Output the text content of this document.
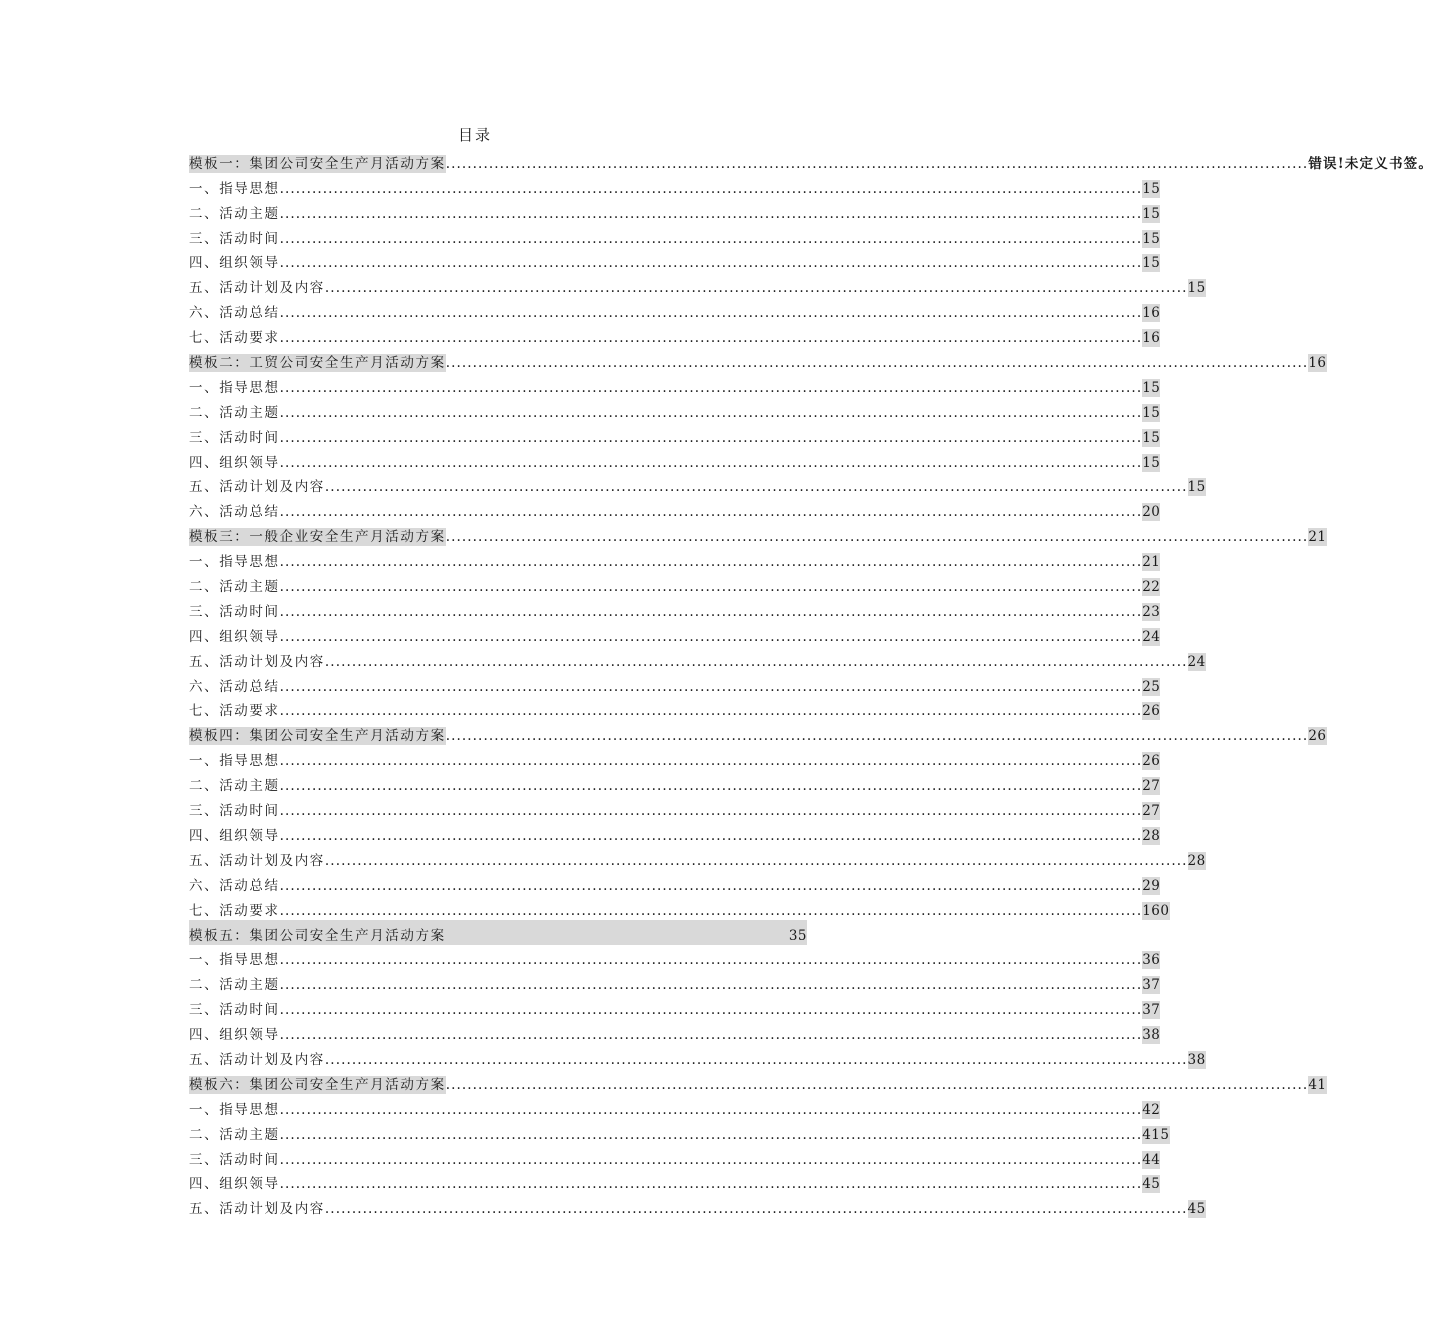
目录
模板一：集团公司安全生产月活动方案 ................................................................................................................................................................ 错误!未定义书签。
一、指导思想 ................................................................................................................................................................ 15
二、活动主题 ................................................................................................................................................................ 15
三、活动时间 ................................................................................................................................................................ 15
四、组织领导 ................................................................................................................................................................ 15
五、活动计划及内容 ................................................................................................................................................................ 15
六、活动总结 ................................................................................................................................................................ 16
七、活动要求 ................................................................................................................................................................ 16
模板二：工贸公司安全生产月活动方案 ................................................................................................................................................................ 16
一、指导思想 ................................................................................................................................................................ 15
二、活动主题 ................................................................................................................................................................ 15
三、活动时间 ................................................................................................................................................................ 15
四、组织领导 ................................................................................................................................................................ 15
五、活动计划及内容 ................................................................................................................................................................ 15
六、活动总结 ................................................................................................................................................................ 20
模板三：一般企业安全生产月活动方案 ................................................................................................................................................................ 21
一、指导思想 ................................................................................................................................................................ 21
二、活动主题 ................................................................................................................................................................ 22
三、活动时间 ................................................................................................................................................................ 23
四、组织领导 ................................................................................................................................................................ 24
五、活动计划及内容 ................................................................................................................................................................ 24
六、活动总结 ................................................................................................................................................................ 25
七、活动要求 ................................................................................................................................................................ 26
模板四：集团公司安全生产月活动方案 ................................................................................................................................................................ 26
一、指导思想 ................................................................................................................................................................ 26
二、活动主题 ................................................................................................................................................................ 27
三、活动时间 ................................................................................................................................................................ 27
四、组织领导 ................................................................................................................................................................ 28
五、活动计划及内容 ................................................................................................................................................................ 28
六、活动总结 ................................................................................................................................................................ 29
七、活动要求 ................................................................................................................................................................ 160
模板五：集团公司安全生产月活动方案	35
一、指导思想 ................................................................................................................................................................ 36
二、活动主题 ................................................................................................................................................................ 37
三、活动时间 ................................................................................................................................................................ 37
四、组织领导 ................................................................................................................................................................ 38
五、活动计划及内容 ................................................................................................................................................................ 38
模板六：集团公司安全生产月活动方案 ................................................................................................................................................................ 41
一、指导思想 ................................................................................................................................................................ 42
二、活动主题 ................................................................................................................................................................ 415
三、活动时间 ................................................................................................................................................................ 44
四、组织领导 ................................................................................................................................................................ 45
五、活动计划及内容 ................................................................................................................................................................ 45
